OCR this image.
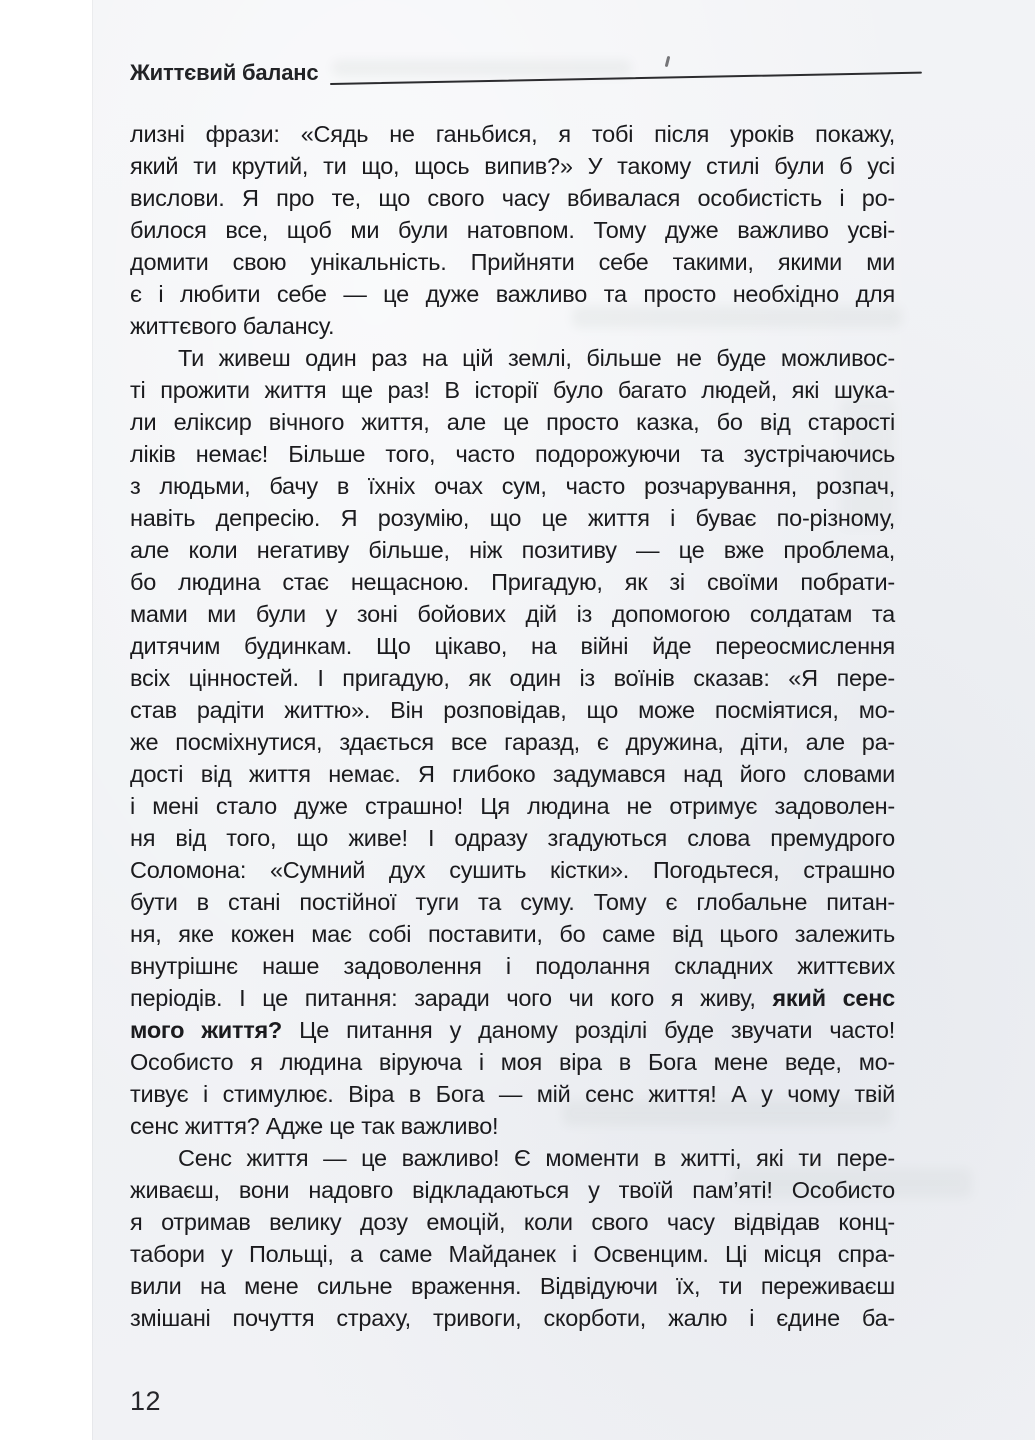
Життєвий баланс

лизні фрази: «Сядь не ганьбися, я тобі після уроків покажу,
який ти крутий, ти що, щось випив?» У такому стилі були б усі
вислови. Я про те, що свого часу вбивалася особистість і ро-
билося все, щоб ми були натовпом. Тому дуже важливо усві-
домити свою унікальність. Прийняти себе такими, якими ми
є і любити себе — це дуже важливо та просто необхідно для
життєвого балансу.

Ти живеш один раз на цій землі, більше не буде можливос-
ті прожити життя ще раз! В історії було багато людей, які шука-
ли еліксир вічного життя, але це просто казка, бо від старості
ліків немає! Більше того, часто подорожуючи та зустрічаючись
з людьми, бачу в їхніх очах сум, часто розчарування, розпач,
навіть депресію. Я розумію, що це життя і буває по-різному,
але коли негативу більше, ніж позитиву — це вже проблема,
бо людина стає нещасною. Пригадую, як зі своїми побрати-
мами ми були у зоні бойових дій із допомогою солдатам та
дитячим будинкам. Що цікаво, на війні йде переосмислення
всіх цінностей. І пригадую, як один із воїнів сказав: «Я пере-
став радіти життю». Він розповідав, що може посміятися, мо-
же посміхнутися, здається все гаразд, є дружина, діти, але ра-
дості від життя немає. Я глибоко задумався над його словами
і мені стало дуже страшно! Ця людина не отримує задоволен-
ня від того, що живе! І одразу згадуються слова премудрого
Соломона: «Сумний дух сушить кістки». Погодьтеся, страшно
бути в стані постійної туги та суму. Тому є глобальне питан-
ня, яке кожен має собі поставити, бо саме від цього залежить
внутрішнє наше задоволення і подолання складних життєвих
періодів. І це питання: заради чого чи кого я живу, який сенс
мого життя? Це питання у даному розділі буде звучати часто!
Особисто я людина віруюча і моя віра в Бога мене веде, мо-
тивує і стимулює. Віра в Бога — мій сенс життя! А у чому твій
сенс життя? Адже це так важливо!

Сенс життя — це важливо! Є моменти в житті, які ти пере-
живаєш, вони надовго відкладаються у твоїй пам’яті! Особисто
я отримав велику дозу емоцій, коли свого часу відвідав конц-
табори у Польщі, а саме Майданек і Освенцим. Ці місця спра-
вили на мене сильне враження. Відвідуючи їх, ти переживаєш
змішані почуття страху, тривоги, скорботи, жалю і єдине ба-

12
